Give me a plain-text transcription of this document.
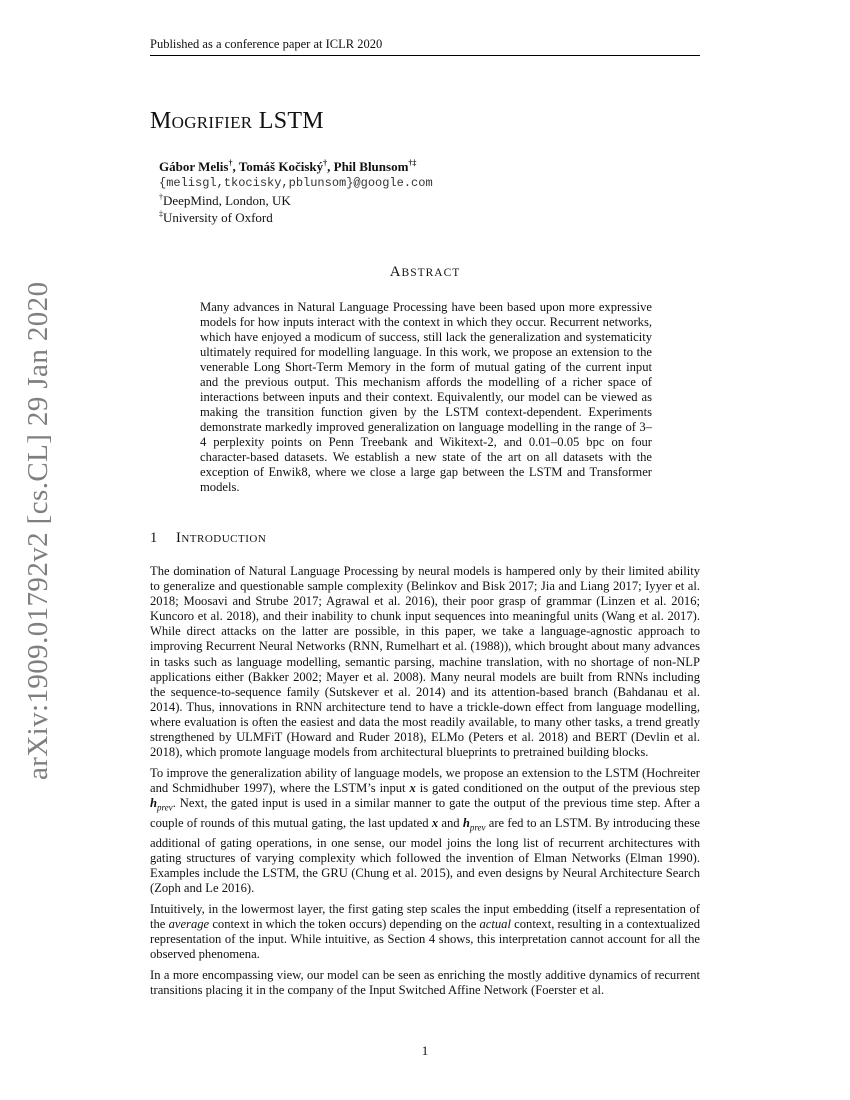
Published as a conference paper at ICLR 2020
MOGRIFIER LSTM
Gábor Melis†, Tomáš Kočiský†, Phil Blunsom†‡
{melisgl,tkocisky,pblunsom}@google.com
†DeepMind, London, UK
‡University of Oxford
ABSTRACT
Many advances in Natural Language Processing have been based upon more expressive models for how inputs interact with the context in which they occur. Recurrent networks, which have enjoyed a modicum of success, still lack the generalization and systematicity ultimately required for modelling language. In this work, we propose an extension to the venerable Long Short-Term Memory in the form of mutual gating of the current input and the previous output. This mechanism affords the modelling of a richer space of interactions between inputs and their context. Equivalently, our model can be viewed as making the transition function given by the LSTM context-dependent. Experiments demonstrate markedly improved generalization on language modelling in the range of 3–4 perplexity points on Penn Treebank and Wikitext-2, and 0.01–0.05 bpc on four character-based datasets. We establish a new state of the art on all datasets with the exception of Enwik8, where we close a large gap between the LSTM and Transformer models.
1 INTRODUCTION

The domination of Natural Language Processing by neural models is hampered only by their limited ability to generalize and questionable sample complexity (Belinkov and Bisk 2017; Jia and Liang 2017; Iyyer et al. 2018; Moosavi and Strube 2017; Agrawal et al. 2016), their poor grasp of grammar (Linzen et al. 2016; Kuncoro et al. 2018), and their inability to chunk input sequences into meaningful units (Wang et al. 2017). While direct attacks on the latter are possible, in this paper, we take a language-agnostic approach to improving Recurrent Neural Networks (RNN, Rumelhart et al. (1988)), which brought about many advances in tasks such as language modelling, semantic parsing, machine translation, with no shortage of non-NLP applications either (Bakker 2002; Mayer et al. 2008). Many neural models are built from RNNs including the sequence-to-sequence family (Sutskever et al. 2014) and its attention-based branch (Bahdanau et al. 2014). Thus, innovations in RNN architecture tend to have a trickle-down effect from language modelling, where evaluation is often the easiest and data the most readily available, to many other tasks, a trend greatly strengthened by ULMFiT (Howard and Ruder 2018), ELMo (Peters et al. 2018) and BERT (Devlin et al. 2018), which promote language models from architectural blueprints to pretrained building blocks.

To improve the generalization ability of language models, we propose an extension to the LSTM (Hochreiter and Schmidhuber 1997), where the LSTM’s input x is gated conditioned on the output of the previous step $h_{prev}$. Next, the gated input is used in a similar manner to gate the output of the previous time step. After a couple of rounds of this mutual gating, the last updated x and $h_{prev}$ are fed to an LSTM. By introducing these additional of gating operations, in one sense, our model joins the long list of recurrent architectures with gating structures of varying complexity which followed the invention of Elman Networks (Elman 1990). Examples include the LSTM, the GRU (Chung et al. 2015), and even designs by Neural Architecture Search (Zoph and Le 2016).

Intuitively, in the lowermost layer, the first gating step scales the input embedding (itself a representation of the average context in which the token occurs) depending on the actual context, resulting in a contextualized representation of the input. While intuitive, as Section 4 shows, this interpretation cannot account for all the observed phenomena.

In a more encompassing view, our model can be seen as enriching the mostly additive dynamics of recurrent transitions placing it in the company of the Input Switched Affine Network (Foerster et al.

arXiv:1909.01792v2 [cs.CL] 29 Jan 2020
1
